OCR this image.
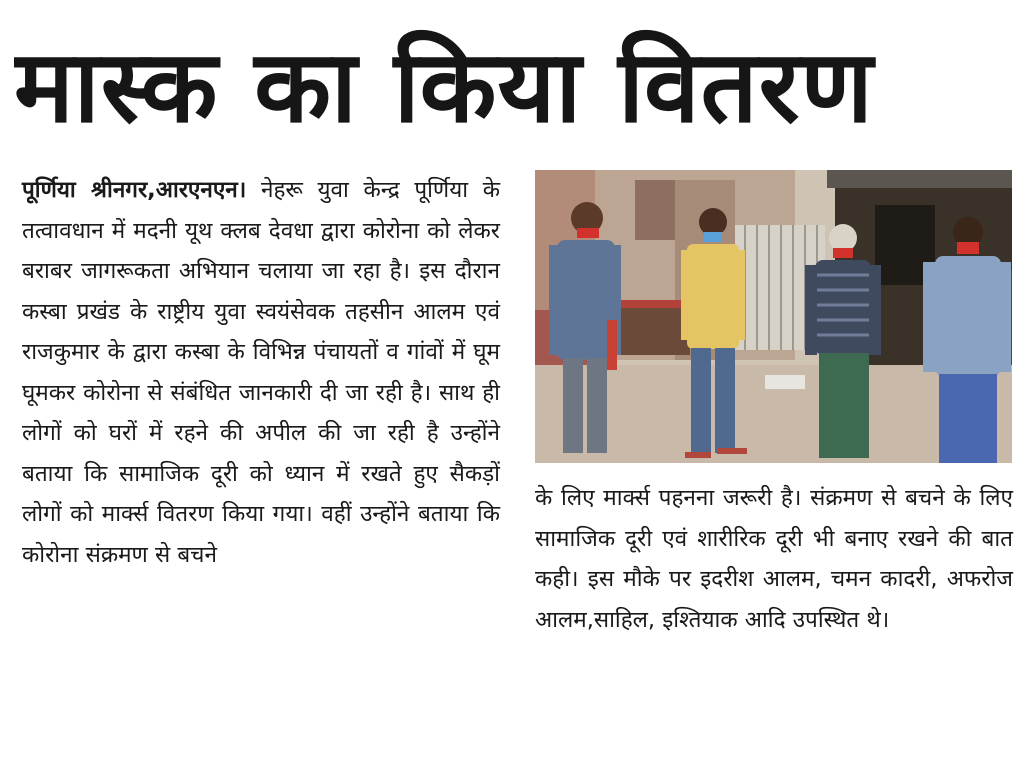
मास्क का किया वितरण

पूर्णिया श्रीनगर,आरएनएन। नेहरू युवा केन्द्र पूर्णिया के तत्वावधान में मदनी यूथ क्लब देवधा द्वारा कोरोना को लेकर बराबर जागरूकता अभियान चलाया जा रहा है। इस दौरान कस्बा प्रखंड के राष्ट्रीय युवा स्वयंसेवक तहसीन आलम एवं राजकुमार के द्वारा कस्बा के विभिन्न पंचायतों व गांवों में घूम घूमकर कोरोना से संबंधित जानकारी दी जा रही है। साथ ही लोगों को घरों में रहने की अपील की जा रही है उन्होंने बताया कि सामाजिक दूरी को ध्यान में रखते हुए सैकड़ों लोगों को मार्क्स वितरण किया गया। वहीं उन्होंने बताया कि कोरोना संक्रमण से बचने

के लिए मार्क्स पहनना जरूरी है। संक्रमण से बचने के लिए सामाजिक दूरी एवं शारीरिक दूरी भी बनाए रखने की बात कही। इस मौके पर इदरीश आलम, चमन कादरी, अफरोज आलम,साहिल, इश्तियाक आदि उपस्थित थे।
